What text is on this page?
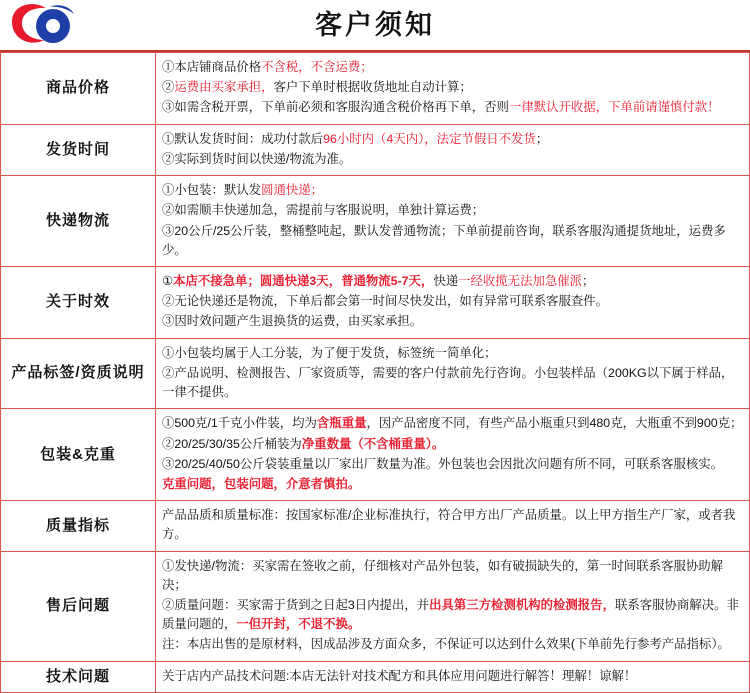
客户须知
商品价格	①本店铺商品价格不含税，不含运费；

②运费由买家承担，客户下单时根据收货地址自动计算；

③如需含税开票，下单前必须和客服沟通含税价格再下单，否则一律默认开收据，下单前请谨慎付款！

发货时间	①默认发货时间：成功付款后96小时内（4天内），法定节假日不发货；

②实际到货时间以快递/物流为准。

快递物流	①小包装：默认发圆通快递；

②如需顺丰快递加急，需提前与客服说明，单独计算运费；

③20公斤/25公斤装，整桶整吨起，默认发普通物流；下单前提前咨询，联系客服沟通提货地址，运费多少。

关于时效	①本店不接急单；圆通快递3天，普通物流5-7天，快递一经收揽无法加急催派；

②无论快递还是物流，下单后都会第一时间尽快发出，如有异常可联系客服查件。

③因时效问题产生退换货的运费，由买家承担。

产品标签/资质说明	①小包装均属于人工分装，为了便于发货，标签统一简单化；

②产品说明、检测报告、厂家资质等，需要的客户付款前先行咨询。小包装样品（200KG以下属于样品，一律不提供。

包装&克重	①500克/1千克小件装，均为含瓶重量，因产品密度不同，有些产品小瓶重只到480克，大瓶重不到900克；

②20/25/30/35公斤桶装为净重数量（不含桶重量）。

③20/25/40/50公斤袋装重量以厂家出厂数量为准。外包装也会因批次问题有所不同，可联系客服核实。

克重问题，包装问题，介意者慎拍。

质量指标	产品品质和质量标准：按国家标准/企业标准执行，符合甲方出厂产品质量。以上甲方指生产厂家，或者我方。

售后问题	①发快递/物流：买家需在签收之前，仔细核对产品外包装，如有破损缺失的，第一时间联系客服协助解决；

②质量问题：买家需于货到之日起3日内提出，并出具第三方检测机构的检测报告，联系客服协商解决。非质量问题的，一但开封，不退不换。

注：本店出售的是原材料，因成品涉及方面众多，不保证可以达到什么效果(下单前先行参考产品指标）。

技术问题	关于店内产品技术问题:本店无法针对技术配方和具体应用问题进行解答！理解！谅解！
